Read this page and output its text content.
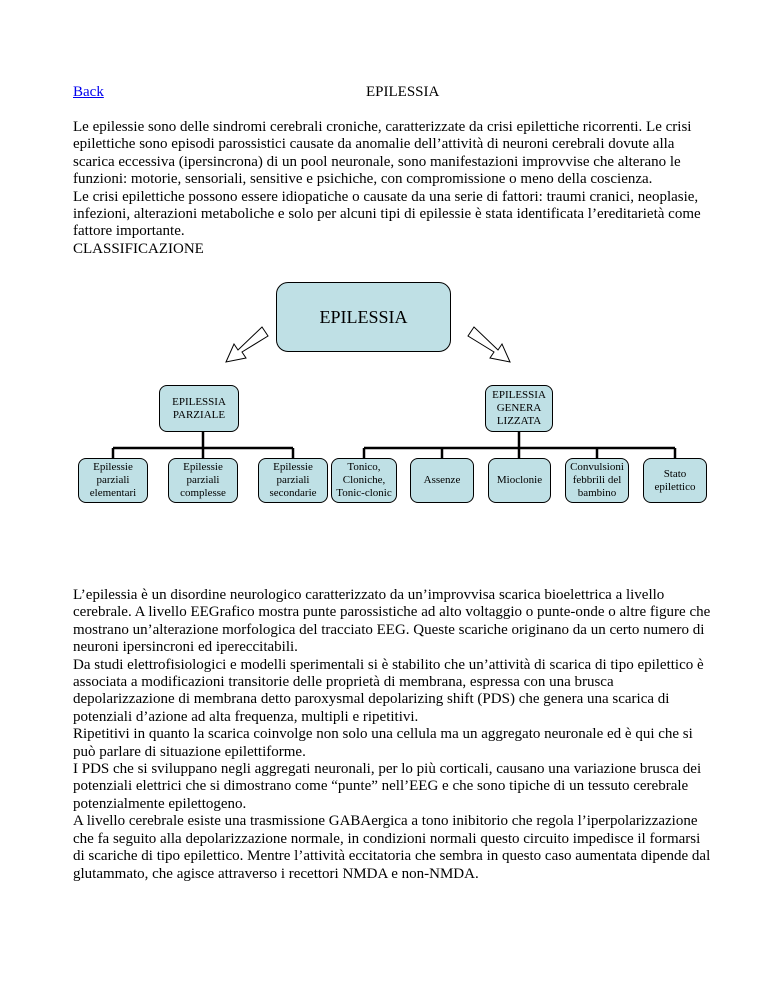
Back	EPILESSIA

Le epilessie sono delle sindromi cerebrali croniche, caratterizzate da crisi epilettiche ricorrenti. Le crisi
epilettiche sono episodi parossistici causate da anomalie dell’attività di neuroni cerebrali dovute alla
scarica eccessiva (ipersincrona) di un pool neuronale, sono manifestazioni improvvise che alterano le
funzioni: motorie, sensoriali, sensitive e psichiche, con compromissione o meno della coscienza.
Le crisi epilettiche possono essere idiopatiche o causate da una serie di fattori: traumi cranici, neoplasie,
infezioni, alterazioni metaboliche e solo per alcuni tipi di epilessie è stata identificata l’ereditarietà come
fattore importante.
CLASSIFICAZIONE

EPILESSIA
EPILESSIA
PARZIALE
EPILESSIA
GENERA
LIZZATA
Epilessie
parziali
elementari
Epilessie
parziali
complesse
Epilessie
parziali
secondarie
Tonico,
Cloniche,
Tonic-clonic
Assenze	Mioclonie
Convulsioni
febbrili del
bambino
Stato
epilettico

L’epilessia è un disordine neurologico caratterizzato da un’improvvisa scarica bioelettrica a livello
cerebrale. A livello EEGrafico mostra punte parossistiche ad alto voltaggio o punte-onde o altre figure che
mostrano un’alterazione morfologica del tracciato EEG. Queste scariche originano da un certo numero di
neuroni ipersincroni ed ipereccitabili.
Da studi elettrofisiologici e modelli sperimentali si è stabilito che un’attività di scarica di tipo epilettico è
associata a modificazioni transitorie delle proprietà di membrana, espressa con una brusca
depolarizzazione di membrana detto paroxysmal depolarizing shift (PDS) che genera una scarica di
potenziali d’azione ad alta frequenza, multipli e ripetitivi.
Ripetitivi in quanto la scarica coinvolge non solo una cellula ma un aggregato neuronale ed è qui che si
può parlare di situazione epilettiforme.
I PDS che si sviluppano negli aggregati neuronali, per lo più corticali, causano una variazione brusca dei
potenziali elettrici che si dimostrano come “punte” nell’EEG e che sono tipiche di un tessuto cerebrale
potenzialmente epilettogeno.
A livello cerebrale esiste una trasmissione GABAergica a tono inibitorio che regola l’iperpolarizzazione
che fa seguito alla depolarizzazione normale, in condizioni normali questo circuito impedisce il formarsi
di scariche di tipo epilettico. Mentre l’attività eccitatoria che sembra in questo caso aumentata dipende dal
glutammato, che agisce attraverso i recettori NMDA e non-NMDA.
